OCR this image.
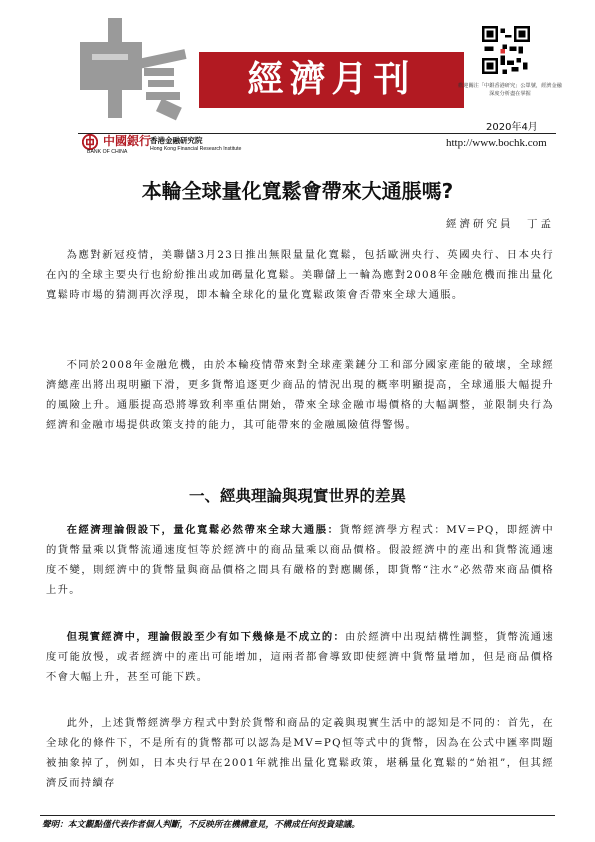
經濟月刊	歡迎關注「中銀香港研究」公眾號，經濟金融深度分析盡在掌握
2020年4月
中國銀行
香港金融研究院
BANK OF CHINA	Hong Kong Financial Research Institute	http://www.bochk.com
本輪全球量化寬鬆會帶來大通脹嗎?
經濟研究員　丁孟

為應對新冠疫情，美聯儲3月23日推出無限量量化寬鬆，包括歐洲央行、英國央行、日本央行在內的全球主要央行也紛紛推出或加碼量化寬鬆。美聯儲上一輪為應對2008年金融危機而推出量化寬鬆時市場的猜測再次浮現，即本輪全球化的量化寬鬆政策會否帶來全球大通脹。

不同於2008年金融危機，由於本輪疫情帶來對全球產業鏈分工和部分國家產能的破壞，全球經濟總產出將出現明顯下滑，更多貨幣追逐更少商品的情況出現的概率明顯提高，全球通脹大幅提升的風險上升。通脹提高恐將導致利率重估開始，帶來全球金融市場價格的大幅調整，並限制央行為經濟和金融市場提供政策支持的能力，其可能帶來的金融風險值得警惕。

一、經典理論與現實世界的差異

在經濟理論假設下，量化寬鬆必然帶來全球大通脹：貨幣經濟學方程式：MV=PQ，即經濟中的貨幣量乘以貨幣流通速度恒等於經濟中的商品量乘以商品價格。假設經濟中的產出和貨幣流通速度不變，則經濟中的貨幣量與商品價格之間具有嚴格的對應關係，即貨幣“注水”必然帶來商品價格上升。

但現實經濟中，理論假設至少有如下幾條是不成立的：由於經濟中出現結構性調整，貨幣流通速度可能放慢，或者經濟中的產出可能增加，這兩者都會導致即使經濟中貨幣量增加，但是商品價格不會大幅上升，甚至可能下跌。

此外，上述貨幣經濟學方程式中對於貨幣和商品的定義與現實生活中的認知是不同的：首先，在全球化的條件下，不是所有的貨幣都可以認為是MV=PQ恒等式中的貨幣，因為在公式中匯率問題被抽象掉了，例如，日本央行早在2001年就推出量化寬鬆政策，堪稱量化寬鬆的“始祖”，但其經濟反而持續存

聲明：本文觀點僅代表作者個人判斷，不反映所在機構意見，不構成任何投資建議。
